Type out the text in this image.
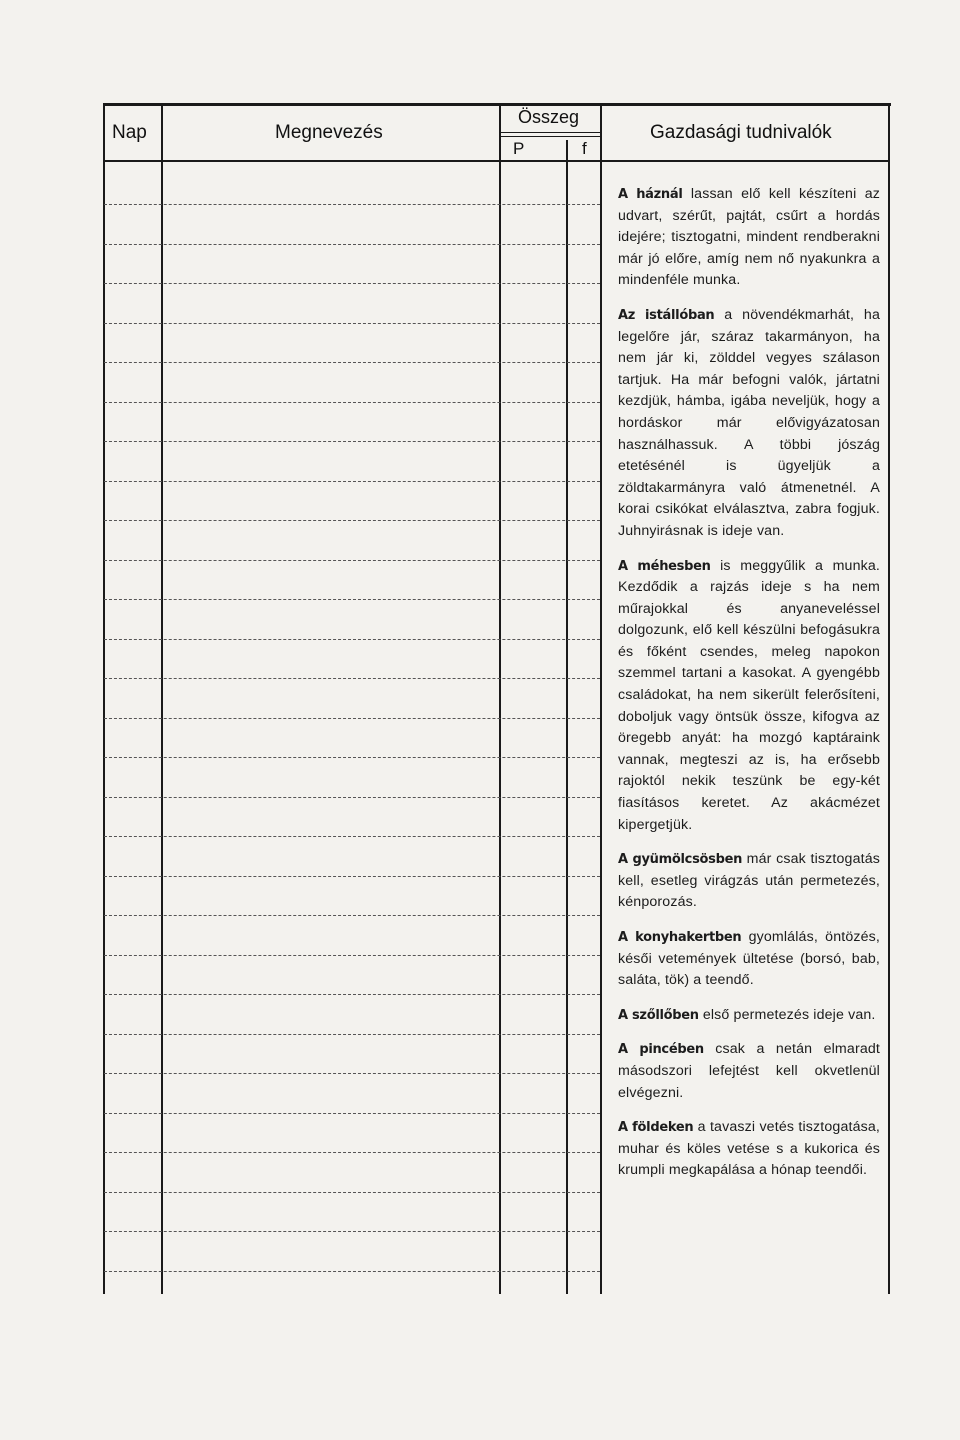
Nap	Megnevezés
Összeg
P	f
Gazdasági tudnivalók

A háznál lassan elő kell készíteni az udvart, szérűt, pajtát, csűrt a hordás idejére; tisztogatni, mindent rendberakni már jó előre, amíg nem nő nyakunkra a mindenféle munka.

Az istállóban a növendékmarhát, ha legelőre jár, száraz takarmányon, ha nem jár ki, zölddel vegyes szálason tartjuk. Ha már befogni valók, jártatni kezdjük, hámba, igába neveljük, hogy a hordáskor már elővigyázatosan használhassuk. A többi jószág etetésénél is ügyeljük a zöldtakarmányra való átmenetnél. A korai csikókat elválasztva, zabra fogjuk. Juhnyirásnak is ideje van.

A méhesben is meggyűlik a munka. Kezdődik a rajzás ideje s ha nem műrajokkal és anyaneveléssel dolgozunk, elő kell készülni befogásukra és főként csendes, meleg napokon szemmel tartani a kasokat. A gyengébb családokat, ha nem sikerült felerősíteni, doboljuk vagy öntsük össze, kifogva az öregebb anyát: ha mozgó kaptáraink vannak, megteszi az is, ha erősebb rajoktól nekik teszünk be egy-két fiasításos keretet. Az akácmézet kipergetjük.

A gyümölcsösben már csak tisztogatás kell, esetleg virágzás után permetezés, kénporozás.

A konyhakertben gyomlálás, öntözés, késői vetemények ültetése (borsó, bab, saláta, tök) a teendő.

A szőllőben első permetezés ideje van.

A pincében csak a netán elmaradt másodszori lefejtést kell okvetlenül elvégezni.

A földeken a tavaszi vetés tisztogatása, muhar és köles vetése s a kukorica és krumpli megkapálása a hónap teendői.
